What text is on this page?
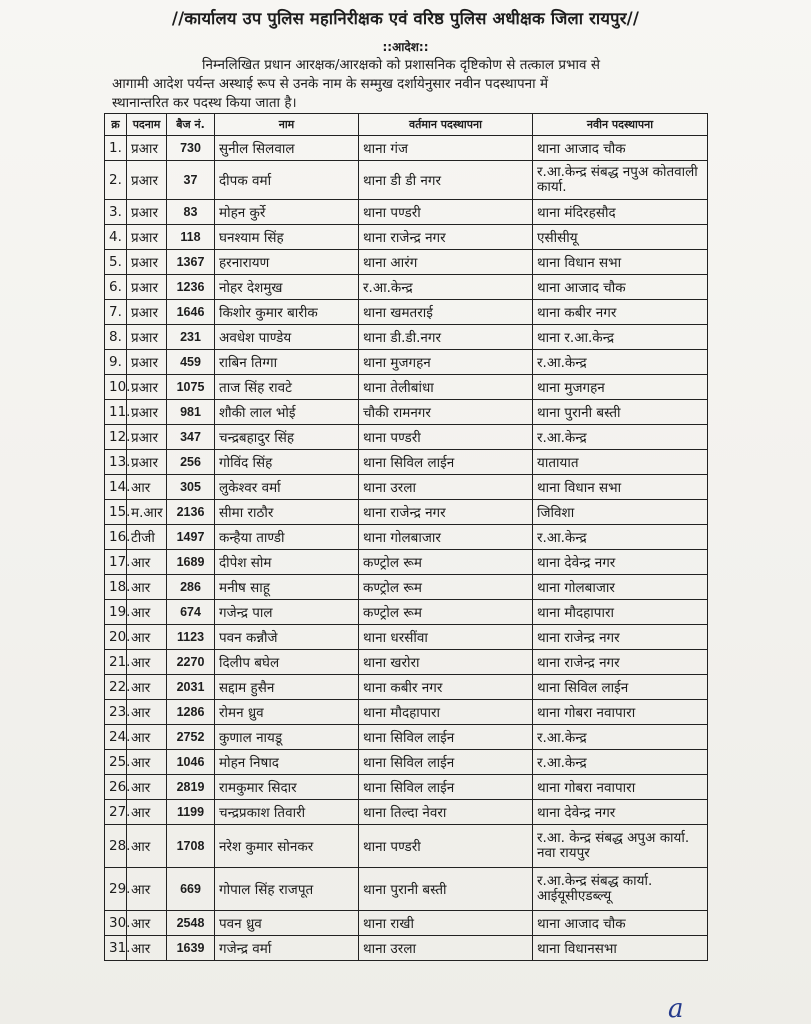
//कार्यालय उप पुलिस महानिरीक्षक एवं वरिष्ठ पुलिस अधीक्षक जिला रायपुर//
::आदेश::
निम्नलिखित प्रधान आरक्षक/आरक्षको को प्रशासनिक दृष्टिकोण से तत्काल प्रभाव से
आगामी आदेश पर्यन्त अस्थाई रूप से उनके नाम के सम्मुख दर्शायेनुसार नवीन पदस्थापना में
स्थानान्तरित कर पदस्थ किया जाता है।
क्र	पदनाम	बैज नं.	नाम	वर्तमान पदस्थापना	नवीन पदस्थापना
1.	प्रआर	730	सुनील सिलवाल	थाना गंज	थाना आजाद चौक
2.	प्रआर	37	दीपक वर्मा	थाना डी डी नगर	र.आ.केन्द्र संबद्ध नपुअ कोतवाली कार्या.
3.	प्रआर	83	मोहन कुर्रे	थाना पण्डरी	थाना मंदिरहसौद
4.	प्रआर	118	घनश्याम सिंह	थाना राजेन्द्र नगर	एसीसीयू
5.	प्रआर	1367	हरनारायण	थाना आरंग	थाना विधान सभा
6.	प्रआर	1236	नोहर देशमुख	र.आ.केन्द्र	थाना आजाद चौक
7.	प्रआर	1646	किशोर कुमार बारीक	थाना खमतराई	थाना कबीर नगर
8.	प्रआर	231	अवधेश पाण्डेय	थाना डी.डी.नगर	थाना र.आ.केन्द्र
9.	प्रआर	459	राबिन तिग्गा	थाना मुजगहन	र.आ.केन्द्र
10.	प्रआर	1075	ताज सिंह रावटे	थाना तेलीबांधा	थाना मुजगहन
11.	प्रआर	981	शौकी लाल भोई	चौकी रामनगर	थाना पुरानी बस्ती
12.	प्रआर	347	चन्द्रबहादुर सिंह	थाना पण्डरी	र.आ.केन्द्र
13.	प्रआर	256	गोविंद सिंह	थाना सिविल लाईन	यातायात
14.	आर	305	लुकेश्वर वर्मा	थाना उरला	थाना विधान सभा
15.	म.आर	2136	सीमा राठौर	थाना राजेन्द्र नगर	जिविशा
16.	टीजी	1497	कन्हैया ताण्डी	थाना गोलबाजार	र.आ.केन्द्र
17.	आर	1689	दीपेश सोम	कण्ट्रोल रूम	थाना देवेन्द्र नगर
18.	आर	286	मनीष साहू	कण्ट्रोल रूम	थाना गोलबाजार
19.	आर	674	गजेन्द्र पाल	कण्ट्रोल रूम	थाना मौदहापारा
20.	आर	1123	पवन कन्नौजे	थाना धरसींवा	थाना राजेन्द्र नगर
21.	आर	2270	दिलीप बघेल	थाना खरोरा	थाना राजेन्द्र नगर
22.	आर	2031	सद्दाम हुसैन	थाना कबीर नगर	थाना सिविल लाईन
23.	आर	1286	रोमन ध्रुव	थाना मौदहापारा	थाना गोबरा नवापारा
24.	आर	2752	कुणाल नायडू	थाना सिविल लाईन	र.आ.केन्द्र
25.	आर	1046	मोहन निषाद	थाना सिविल लाईन	र.आ.केन्द्र
26.	आर	2819	रामकुमार सिदार	थाना सिविल लाईन	थाना गोबरा नवापारा
27.	आर	1199	चन्द्रप्रकाश तिवारी	थाना तिल्दा नेवरा	थाना देवेन्द्र नगर
28.	आर	1708	नरेश कुमार सोनकर	थाना पण्डरी	र.आ. केन्द्र संबद्ध अपुअ कार्या. नवा रायपुर
29.	आर	669	गोपाल सिंह राजपूत	थाना पुरानी बस्ती	र.आ.केन्द्र संबद्ध कार्या. आईयूसीएडब्ल्यू
30.	आर	2548	पवन ध्रुव	थाना राखी	थाना आजाद चौक
31.	आर	1639	गजेन्द्र वर्मा	थाना उरला	थाना विधानसभा
a
